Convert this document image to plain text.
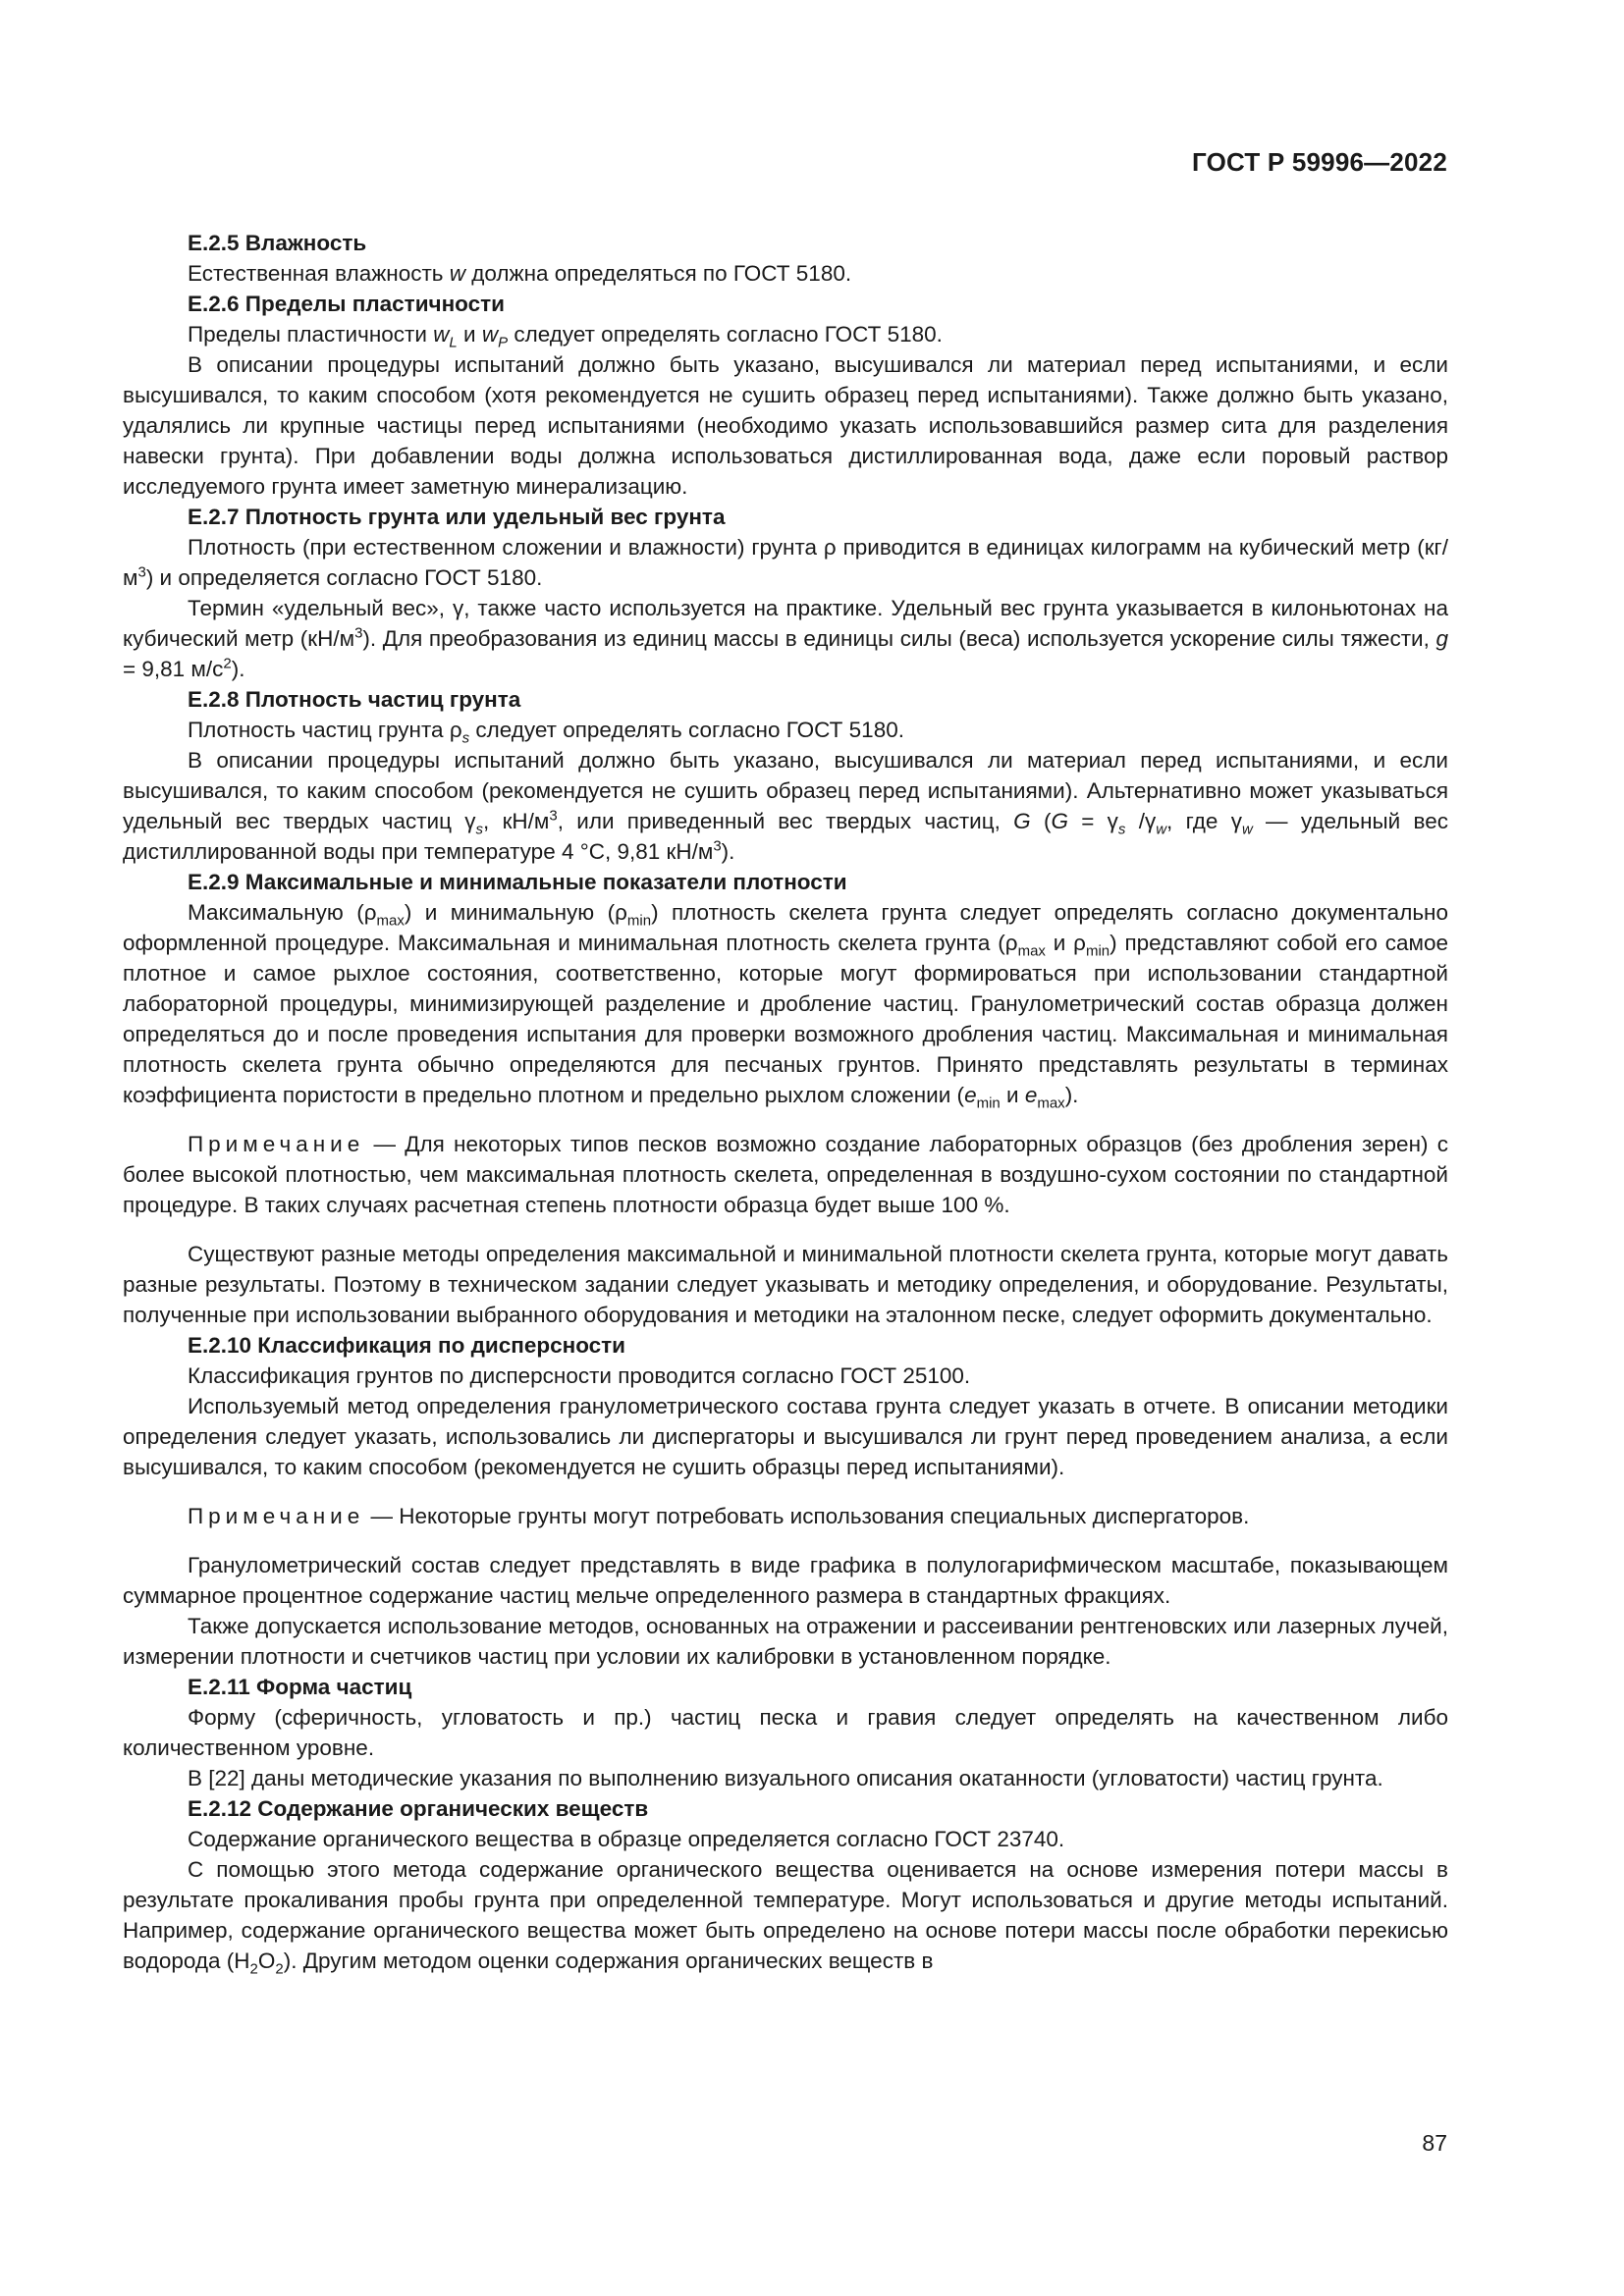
ГОСТ Р 59996—2022

Е.2.5 Влажность

Естественная влажность w должна определяться по ГОСТ 5180.

Е.2.6 Пределы пластичности

Пределы пластичности $w_L$ и $w_P$ следует определять согласно ГОСТ 5180.

В описании процедуры испытаний должно быть указано, высушивался ли материал перед испытаниями, и если высушивался, то каким способом (хотя рекомендуется не сушить образец перед испытаниями). Также должно быть указано, удалялись ли крупные частицы перед испытаниями (необходимо указать использовавшийся размер сита для разделения навески грунта). При добавлении воды должна использоваться дистиллированная вода, даже если поровый раствор исследуемого грунта имеет заметную минерализацию.

Е.2.7 Плотность грунта или удельный вес грунта

Плотность (при естественном сложении и влажности) грунта ρ приводится в единицах килограмм на кубический метр $(кг/м^3)$ и определяется согласно ГОСТ 5180.

Термин «удельный вес», γ, также часто используется на практике. Удельный вес грунта указывается в килоньютонах на кубический метр $(кН/м^3)$. Для преобразования из единиц массы в единицы силы (веса) используется ускорение силы тяжести, g = 9,81 $м/с^2$).

Е.2.8 Плотность частиц грунта

Плотность частиц грунта $\rho_s$ следует определять согласно ГОСТ 5180.

В описании процедуры испытаний должно быть указано, высушивался ли материал перед испытаниями, и если высушивался, то каким способом (рекомендуется не сушить образец перед испытаниями). Альтернативно может указываться удельный вес твердых частиц $\gamma_s$, $кН/м^3$, или приведенный вес твердых частиц, G ($G = \gamma_s$ $/\gamma_w$, где $\gamma_w$ — удельный вес дистиллированной воды при температуре 4 °С, 9,81 $кН/м^3$).

Е.2.9 Максимальные и минимальные показатели плотности

Максимальную $(\rho_{max})$ и минимальную $(\rho_{min})$ плотность скелета грунта следует определять согласно документально оформленной процедуре. Максимальная и минимальная плотность скелета грунта ($\rho_{max}$ и $\rho_{min}$) представляют собой его самое плотное и самое рыхлое состояния, соответственно, которые могут формироваться при использовании стандартной лабораторной процедуры, минимизирующей разделение и дробление частиц. Гранулометрический состав образца должен определяться до и после проведения испытания для проверки возможного дробления частиц. Максимальная и минимальная плотность скелета грунта обычно определяются для песчаных грунтов. Принято представлять результаты в терминах коэффициента пористости в предельно плотном и предельно рыхлом сложении ($e_{min}$ и $e_{max}$).

Примечание — Для некоторых типов песков возможно создание лабораторных образцов (без дробления зерен) с более высокой плотностью, чем максимальная плотность скелета, определенная в воздушно-сухом состоянии по стандартной процедуре. В таких случаях расчетная степень плотности образца будет выше 100 %.

Существуют разные методы определения максимальной и минимальной плотности скелета грунта, которые могут давать разные результаты. Поэтому в техническом задании следует указывать и методику определения, и оборудование. Результаты, полученные при использовании выбранного оборудования и методики на эталонном песке, следует оформить документально.

Е.2.10 Классификация по дисперсности

Классификация грунтов по дисперсности проводится согласно ГОСТ 25100.

Используемый метод определения гранулометрического состава грунта следует указать в отчете. В описании методики определения следует указать, использовались ли диспергаторы и высушивался ли грунт перед проведением анализа, а если высушивался, то каким способом (рекомендуется не сушить образцы перед испытаниями).

Примечание — Некоторые грунты могут потребовать использования специальных диспергаторов.

Гранулометрический состав следует представлять в виде графика в полулогарифмическом масштабе, показывающем суммарное процентное содержание частиц мельче определенного размера в стандартных фракциях.

Также допускается использование методов, основанных на отражении и рассеивании рентгеновских или лазерных лучей, измерении плотности и счетчиков частиц при условии их калибровки в установленном порядке.

Е.2.11 Форма частиц

Форму (сферичность, угловатость и пр.) частиц песка и гравия следует определять на качественном либо количественном уровне.

В [22] даны методические указания по выполнению визуального описания окатанности (угловатости) частиц грунта.

Е.2.12 Содержание органических веществ

Содержание органического вещества в образце определяется согласно ГОСТ 23740.

С помощью этого метода содержание органического вещества оценивается на основе измерения потери массы в результате прокаливания пробы грунта при определенной температуре. Могут использоваться и другие методы испытаний. Например, содержание органического вещества может быть определено на основе потери массы после обработки перекисью водорода $(Н_2О_2)$. Другим методом оценки содержания органических веществ в

87
